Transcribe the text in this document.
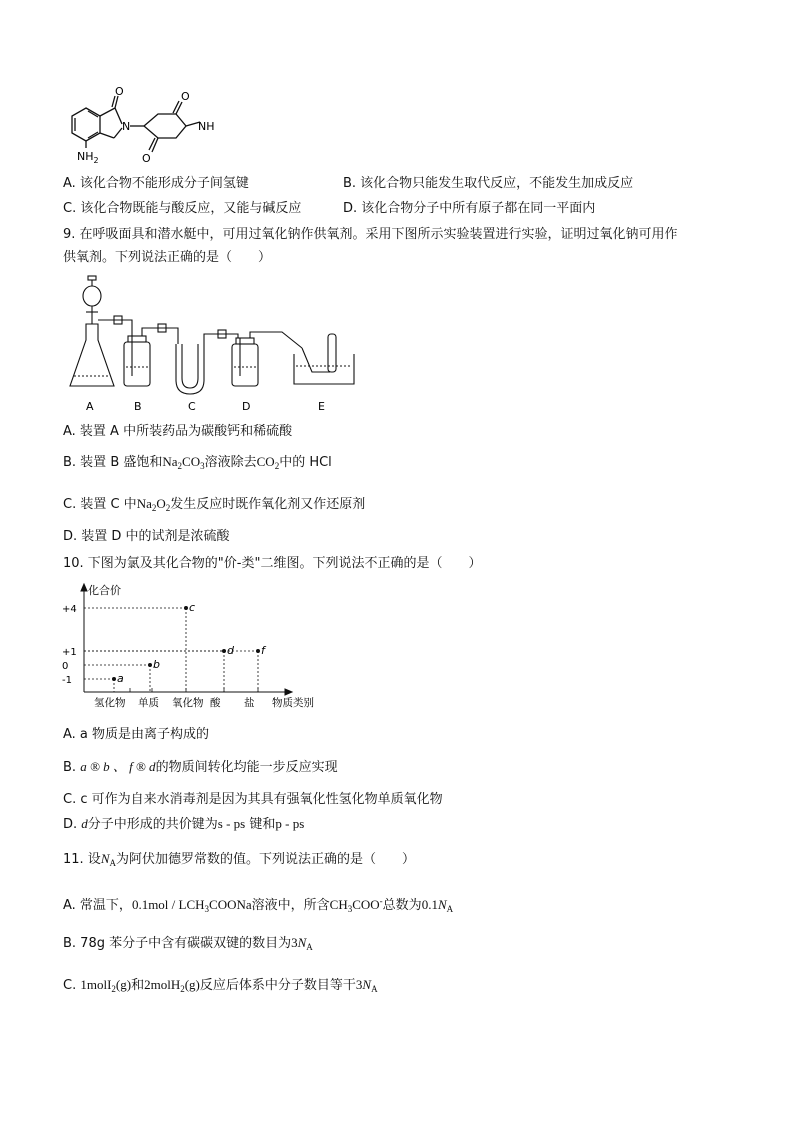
O
N	NH
O
O
$NH_2$
A. 该化合物不能形成分子间氢键	B. 该化合物只能发生取代反应，不能发生加成反应
C. 该化合物既能与酸反应，又能与碱反应	D. 该化合物分子中所有原子都在同一平面内
9. 在呼吸面具和潜水艇中，可用过氧化钠作供氧剂。采用下图所示实验装置进行实验，证明过氧化钠可用作
供氧剂。下列说法正确的是（　　）
A	B	C	D	E
A. 装置 A 中所装药品为碳酸钙和稀硫酸
B. 装置 B 盛饱和$Na_2CO_3$溶液除去$CO_2$中的 HCl
C. 装置 C 中$Na_2O_2$发生反应时既作氧化剂又作还原剂
D. 装置 D 中的试剂是浓硫酸
10. 下图为氯及其化合物的"价-类"二维图。下列说法不正确的是（　　）
化合价
物质类别
+4
+1
0
-1
氢化物 单质 氧化物 酸 盐
a
b
c
d f
A. a 物质是由离子构成的
B. a ® b 、 f ® d的物质间转化均能一步反应实现
C. c 可作为自来水消毒剂是因为其具有强氧化性氢化物单质氧化物
D. d分子中形成的共价键为s - ps 键和p - ps
11. 设$N_A$为阿伏加德罗常数的值。下列说法正确的是（　　）
A. 常温下，$0.1mol / LCH_3COONa$溶液中，所含$CH_3COO^-$总数为$0.1N_A$
B. 78g 苯分子中含有碳碳双键的数目为$3N_A$
C. 1molI$_2$(g)和2molH$_2$(g)反应后体系中分子数目等干$3N_A$
